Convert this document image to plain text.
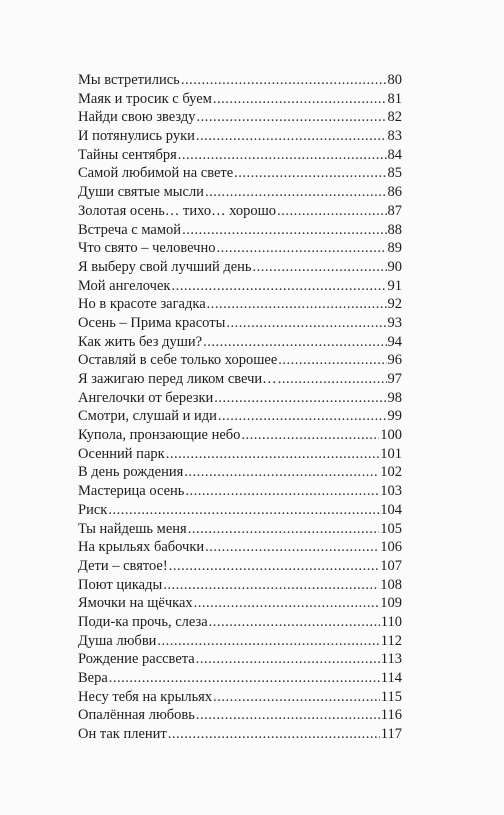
Мы встретились .....	80
Маяк и тросик с буем .....	81
Найди свою звезду .....	82
И потянулись руки .....	83
Тайны сентября .....	84
Самой любимой на свете .....	85
Души святые мысли .....	86
Золотая осень… тихо… хорошо .....	87
Встреча с мамой .....	88
Что свято – человечно .....	89
Я выберу свой лучший день .....	90
Мой ангелочек .....	91
Но в красоте загадка .....	92
Осень – Прима красоты .....	93
Как жить без души? .....	94
Оставляй в себе только хорошее .....	96
Я зажигаю перед ликом свечи… .....	97
Ангелочки от березки .....	98
Смотри, слушай и иди .....	99
Купола, пронзающие небо .....	100
Осенний парк .....	101
В день рождения .....	102
Мастерица осень .....	103
Риск .....	104
Ты найдешь меня .....	105
На крыльях бабочки .....	106
Дети – святое! .....	107
Поют цикады .....	108
Ямочки на щёчках .....	109
Поди-ка прочь, слеза .....	110
Душа любви .....	112
Рождение рассвета .....	113
Вера .....	114
Несу тебя на крыльях .....	115
Опалённая любовь .....	116
Он так пленит .....	117
